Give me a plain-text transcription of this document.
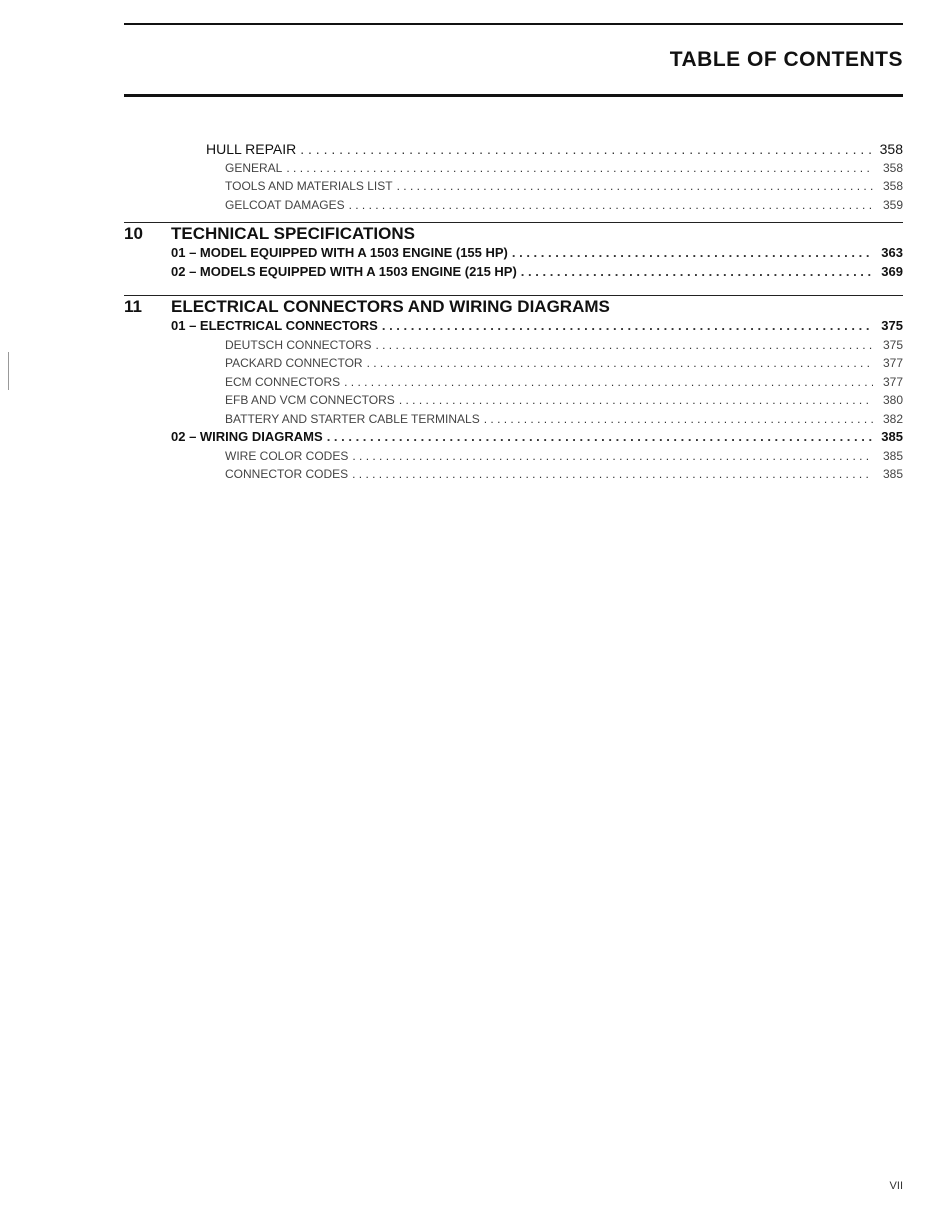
TABLE OF CONTENTS
HULL REPAIR . . .	358
GENERAL . . .	358
TOOLS AND MATERIALS LIST . . .	358
GELCOAT DAMAGES . . .	359
10	TECHNICAL SPECIFICATIONS
01 – MODEL EQUIPPED WITH A 1503 ENGINE (155 HP) . . .	363
02 – MODELS EQUIPPED WITH A 1503 ENGINE (215 HP) . . .	369
11	ELECTRICAL CONNECTORS AND WIRING DIAGRAMS
01 – ELECTRICAL CONNECTORS . . .	375
DEUTSCH CONNECTORS . . .	375
PACKARD CONNECTOR . . .	377
ECM CONNECTORS . . .	377
EFB AND VCM CONNECTORS . . .	380
BATTERY AND STARTER CABLE TERMINALS . . .	382
02 – WIRING DIAGRAMS . . .	385
WIRE COLOR CODES . . .	385
CONNECTOR CODES . . .	385
VII
